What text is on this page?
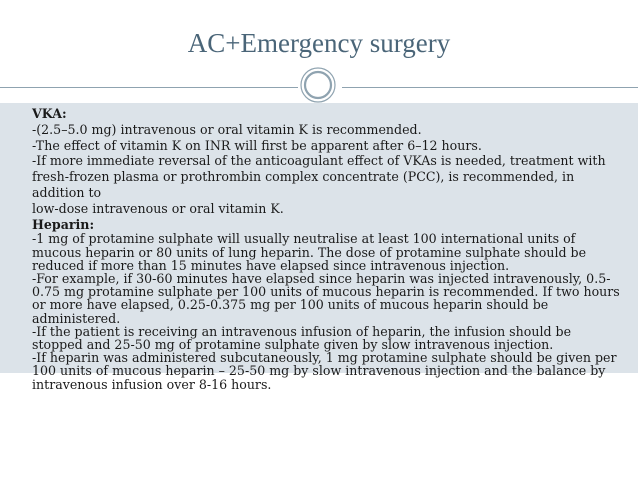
AC+Emergency surgery

VKA:

-(2.5–5.0 mg) intravenous or oral vitamin K is recommended.

-The effect of vitamin K on INR will first be apparent after 6–12 hours.

-If more immediate reversal of the anticoagulant effect of VKAs is needed, treatment with fresh-frozen plasma or prothrombin complex concentrate (PCC), is recommended, in addition to

low-dose intravenous or oral vitamin K.

Heparin:

-1 mg of protamine sulphate will usually neutralise at least 100 international units of mucous heparin or 80 units of lung heparin. The dose of protamine sulphate should be reduced if more than 15 minutes have elapsed since intravenous injection.

-For example, if 30-60 minutes have elapsed since heparin was injected intravenously, 0.5-0.75 mg protamine sulphate per 100 units of mucous heparin is recommended. If two hours or more have elapsed, 0.25-0.375 mg per 100 units of mucous heparin should be administered.

-If the patient is receiving an intravenous infusion of heparin, the infusion should be stopped and 25-50 mg of protamine sulphate given by slow intravenous injection.

-If heparin was administered subcutaneously, 1 mg protamine sulphate should be given per 100 units of mucous heparin – 25-50 mg by slow intravenous injection and the balance by intravenous infusion over 8-16 hours.
